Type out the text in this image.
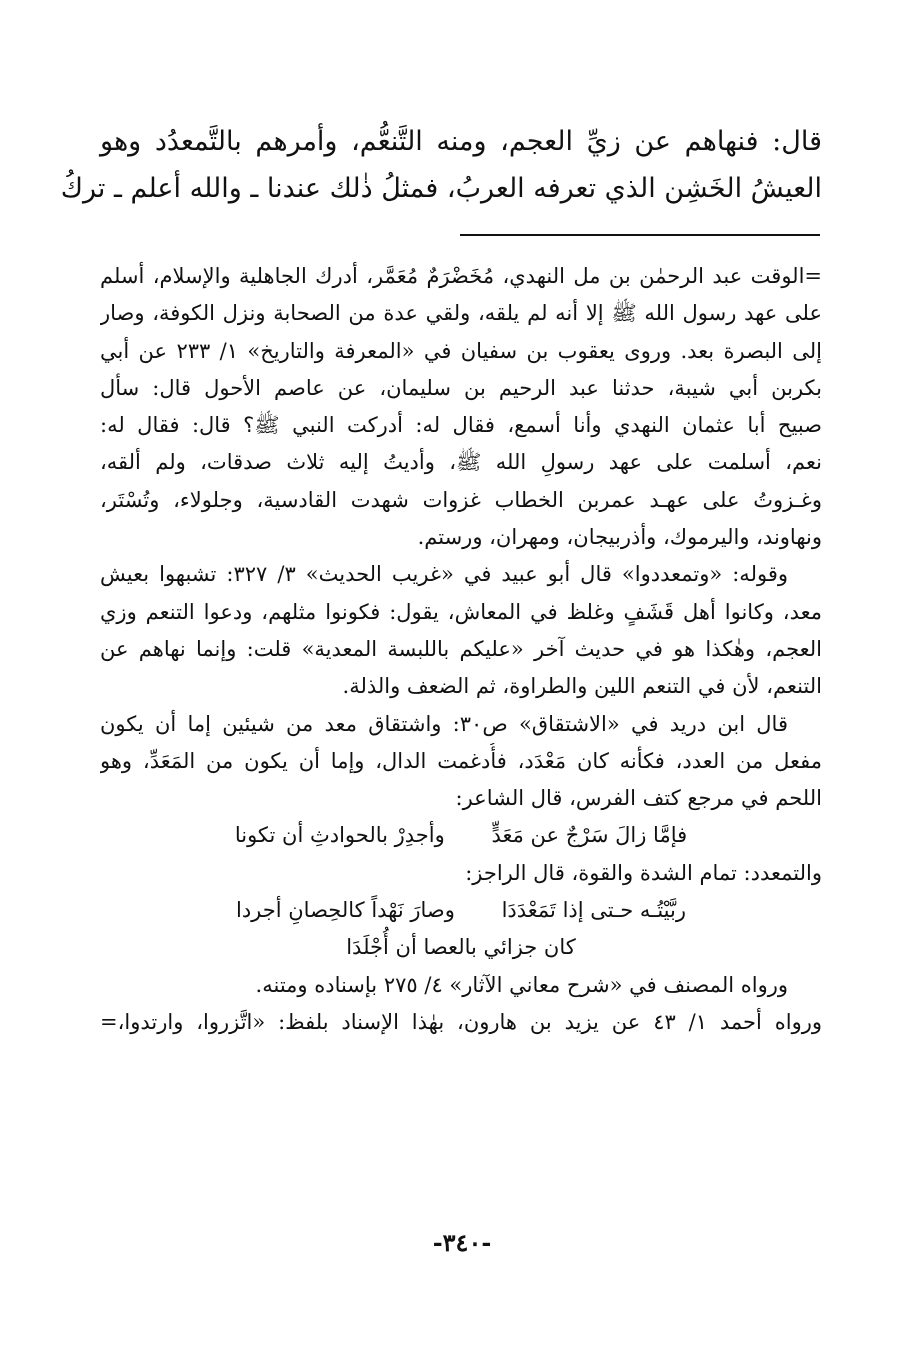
قال: فنهاهم عن زيِّ العجم، ومنه التَّنعُّم، وأمرهم بالتَّمعدُد وهو
العيشُ الخَشِن الذي تعرفه العربُ، فمثلُ ذٰلك عندنا ـ والله أعلم ـ تركُ
=الوقت عبد الرحمٰن بن مل النهدي، مُخَضْرَمٌ مُعَمَّر، أدرك الجاهلية والإسلام، أسلم
على عهد رسول الله ﷺ إلا أنه لم يلقه، ولقي عدة من الصحابة ونزل الكوفة، وصار
إلى البصرة بعد. وروى يعقوب بن سفيان في «المعرفة والتاريخ» ١/ ٢٣٣ عن أبي
بكربن أبي شيبة، حدثنا عبد الرحيم بن سليمان، عن عاصم الأحول قال: سأل
صبيح أبا عثمان النهدي وأنا أسمع، فقال له: أدركت النبي ﷺ؟ قال: فقال له:
نعم، أسلمت على عهد رسولِ الله ﷺ، وأديتُ إليه ثلاث صدقات، ولم ألقه،
وغـزوتُ على عهـد عمربن الخطاب غزوات شهدت القادسية، وجلولاء، وتُسْتَر،
ونهاوند، واليرموك، وأذربيجان، ومهران، ورستم.
وقوله: «وتمعددوا» قال أبو عبيد في «غريب الحديث» ٣/ ٣٢٧: تشبهوا بعيش
معد، وكانوا أهل قَشَفٍ وغلظ في المعاش، يقول: فكونوا مثلهم، ودعوا التنعم وزي
العجم، وهٰكذا هو في حديث آخر «عليكم باللبسة المعدية» قلت: وإنما نهاهم عن
التنعم، لأن في التنعم اللين والطراوة، ثم الضعف والذلة.
قال ابن دريد في «الاشتقاق» ص٣٠: واشتقاق معد من شيئين إما أن يكون
مفعل من العدد، فكأنه كان مَعْدَد، فأُدغمت الدال، وإما أن يكون من المَعَدِّ، وهو
اللحم في مرجع كتف الفرس، قال الشاعر:
فإمَّا زالَ سَرْجٌ عن مَعَدٍّ وأجدِرْ بالحوادثِ أن تكونا
والتمعدد: تمام الشدة والقوة، قال الراجز:
ربَّيْتُـه حـتى إذا تَمَعْدَدَا وصارَ نَهْداً كالحِصانِ أجردا
كان جزائي بالعصا أن أُجْلَدَا
ورواه المصنف في «شرح معاني الآثار» ٤/ ٢٧٥ بإسناده ومتنه.
ورواه أحمد ١/ ٤٣ عن يزيد بن هارون، بهٰذا الإسناد بلفظ: «اتَّزروا، وارتدوا،=
-٣٤٠-
